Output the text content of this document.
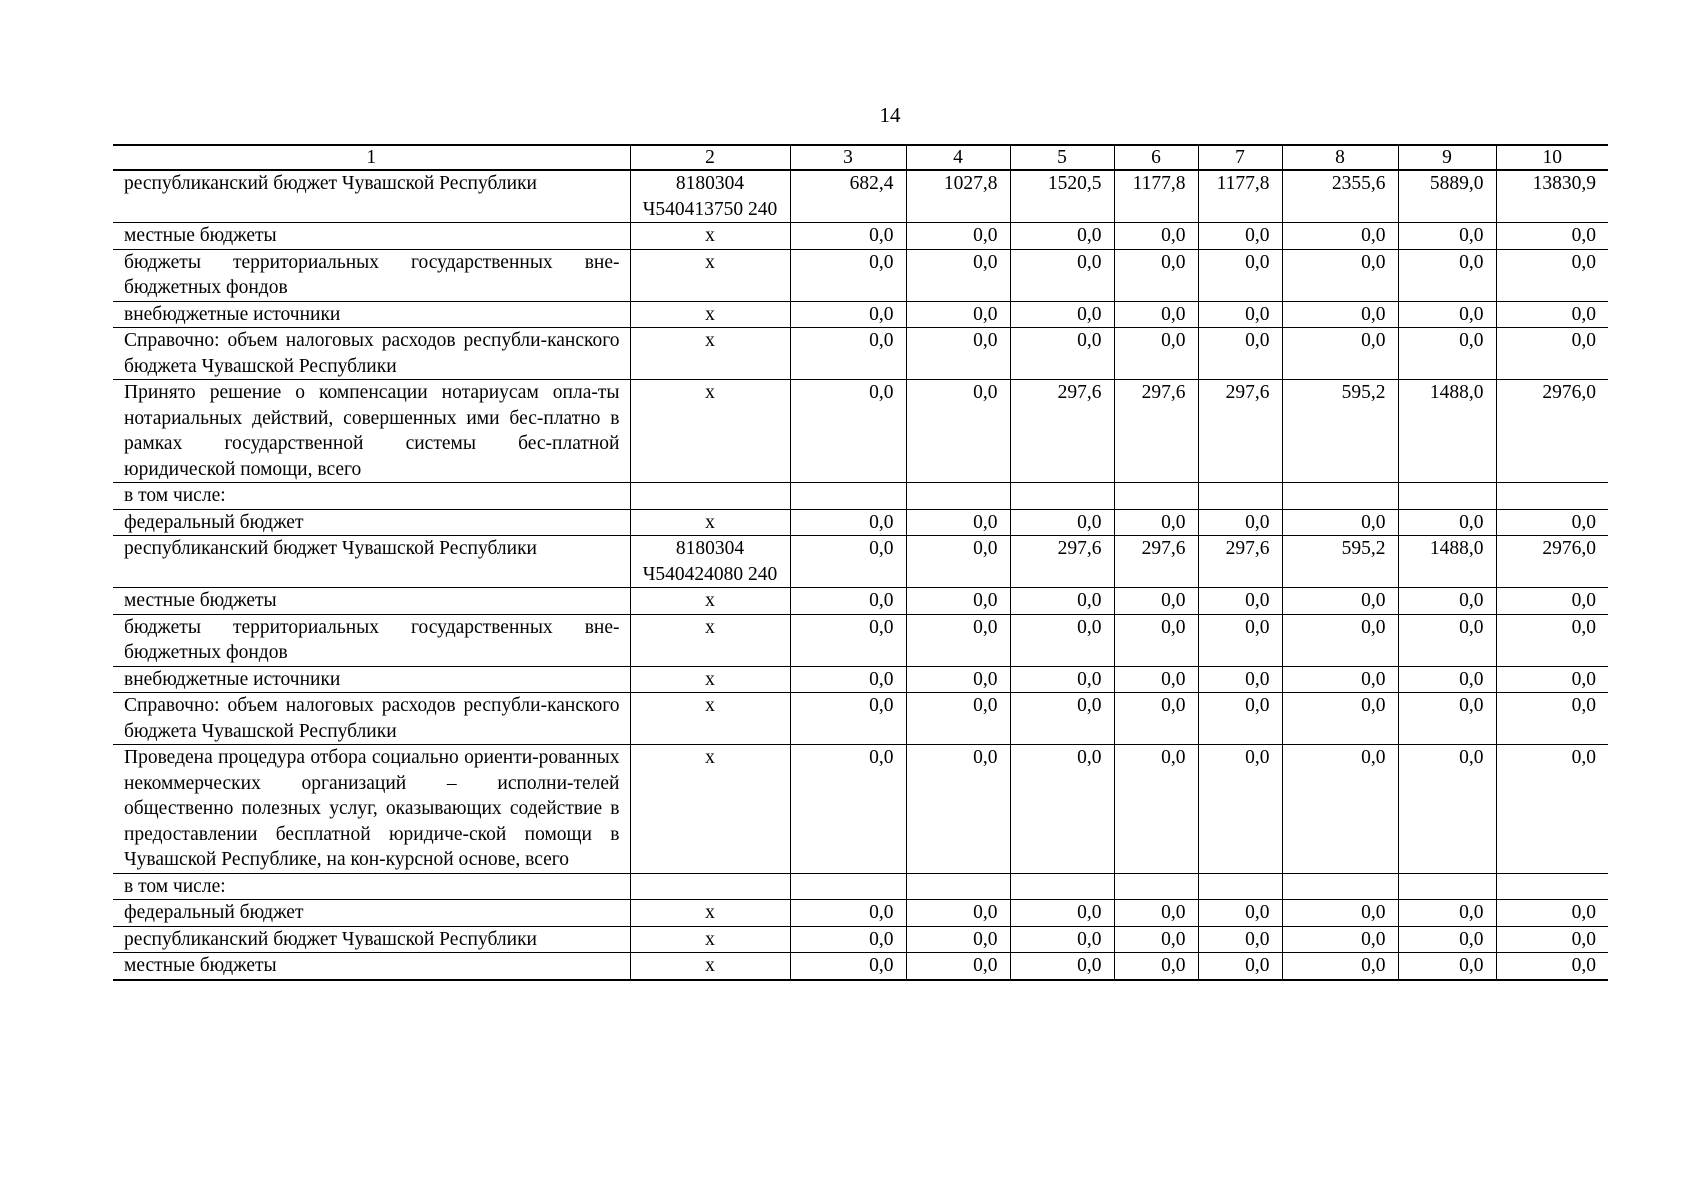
14
1	2	3	4	5	6	7	8	9	10
республиканский бюджет Чувашской Республики	8180304 Ч540413750 240	682,4	1027,8	1520,5	1177,8	1177,8	2355,6	5889,0	13830,9
местные бюджеты	х	0,0	0,0	0,0	0,0	0,0	0,0	0,0	0,0
бюджеты территориальных государственных вне-бюджетных фондов	х	0,0	0,0	0,0	0,0	0,0	0,0	0,0	0,0
внебюджетные источники	х	0,0	0,0	0,0	0,0	0,0	0,0	0,0	0,0
Справочно: объем налоговых расходов республи-канского бюджета Чувашской Республики	х	0,0	0,0	0,0	0,0	0,0	0,0	0,0	0,0
Принято решение о компенсации нотариусам опла-ты нотариальных действий, совершенных ими бес-платно в рамках государственной системы бес-платной юридической помощи, всего	х	0,0	0,0	297,6	297,6	297,6	595,2	1488,0	2976,0
в том числе:									
федеральный бюджет	х	0,0	0,0	0,0	0,0	0,0	0,0	0,0	0,0
республиканский бюджет Чувашской Республики	8180304 Ч540424080 240	0,0	0,0	297,6	297,6	297,6	595,2	1488,0	2976,0
местные бюджеты	х	0,0	0,0	0,0	0,0	0,0	0,0	0,0	0,0
бюджеты территориальных государственных вне-бюджетных фондов	х	0,0	0,0	0,0	0,0	0,0	0,0	0,0	0,0
внебюджетные источники	х	0,0	0,0	0,0	0,0	0,0	0,0	0,0	0,0
Справочно: объем налоговых расходов республи-канского бюджета Чувашской Республики	х	0,0	0,0	0,0	0,0	0,0	0,0	0,0	0,0
Проведена процедура отбора социально ориенти-рованных некоммерческих организаций – исполни-телей общественно полезных услуг, оказывающих содействие в предоставлении бесплатной юридиче-ской помощи в Чувашской Республике, на кон-курсной основе, всего	х	0,0	0,0	0,0	0,0	0,0	0,0	0,0	0,0
в том числе:									
федеральный бюджет	х	0,0	0,0	0,0	0,0	0,0	0,0	0,0	0,0
республиканский бюджет Чувашской Республики	х	0,0	0,0	0,0	0,0	0,0	0,0	0,0	0,0
местные бюджеты	х	0,0	0,0	0,0	0,0	0,0	0,0	0,0	0,0
